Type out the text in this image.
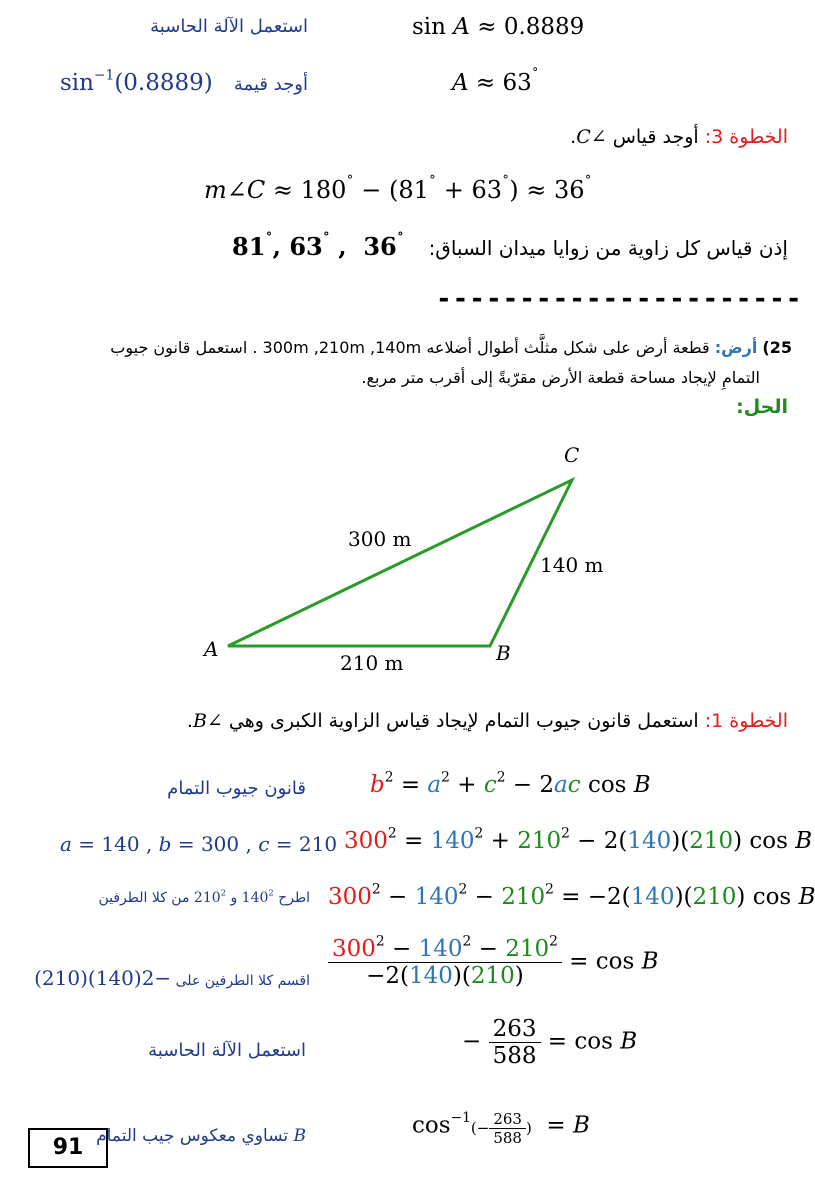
استعمل الآلة الحاسبة	sin A ≈ 0.8889
$\sin^{-1}(0.8889)$ أوجد قيمة	A ≈ 63˚
الخطوة 3: أوجد قياس ∠C.
m∠C ≈ 180˚ − (81˚ + 63˚) ≈ 36˚
إذن قياس كل زاوية من زوايا ميدان السباق:
81˚, 63˚ ,  36˚
----------------------
25) أرض: قطعة أرض على شكل مثلَّث أطوال أضلاعه 300m ,210m ,140m . استعمل قانون جيوب
التمامِ لإيجاد مساحة قطعة الأرض مقرّبةً إلى أقرب متر مربع.
الحل:
C
A	B
300 m
140 m
210 m
الخطوة 1: استعمل قانون جيوب التمام لإيجاد قياس الزاوية الكبرى وهي ∠B.
قانون جيوب التمام	$b^2 = a^2 + c^2 - 2ac$ cos B
a = 140 , b = 300 , c = 210 $300^2 = 140^2 + 210^2 - 2(140)(210)$ cos B
اطرح $140^2$ و $210^2$ من كلا الطرفين	$300^2 - 140^2 - 210^2 = -2(140)(210)$ cos B
اقسم كلا الطرفين على −2(140)(210)	$\frac{300^2 - 140^2 - 210^2}{-2(140)(210)} = \cos B$
استعمل الآلة الحاسبة	− $\frac{263}{588} = \cos B$
B تساوي معكوس جيب التمام	$\cos^{-1}(- \frac{263}{588}$ )  = B
91
